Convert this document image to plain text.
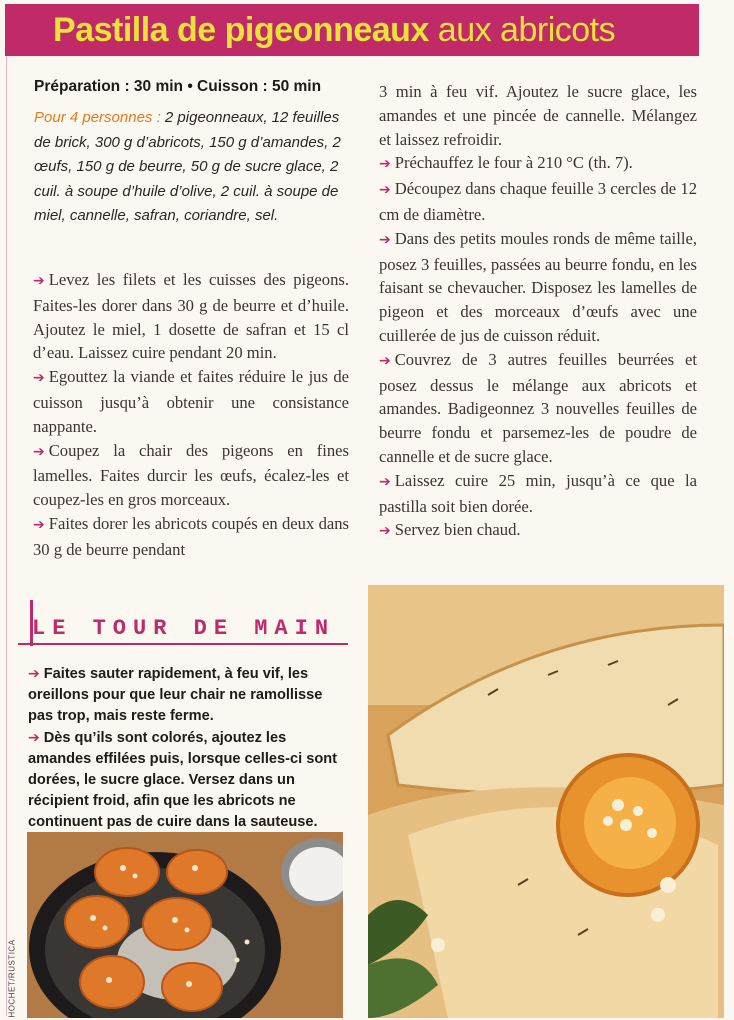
Pastilla de pigeonneaux aux abricots
Préparation : 30 min • Cuisson : 50 min
Pour 4 personnes : 2 pigeonneaux, 12 feuilles de brick, 300 g d’abricots, 150 g d’amandes, 2 œufs, 150 g de beurre, 50 g de sucre glace, 2 cuil. à soupe d’huile d’olive, 2 cuil. à soupe de miel, cannelle, safran, coriandre, sel.

➔ Levez les filets et les cuisses des pigeons. Faites-les dorer dans 30 g de beurre et d’huile. Ajoutez le miel, 1 dosette de safran et 15 cl d’eau. Laissez cuire pendant 20 min.

➔ Egouttez la viande et faites réduire le jus de cuisson jusqu’à obtenir une consistance nappante.

➔ Coupez la chair des pigeons en fines lamelles. Faites durcir les œufs, écalez-les et coupez-les en gros morceaux.

➔ Faites dorer les abricots coupés en deux dans 30 g de beurre pendant

3 min à feu vif. Ajoutez le sucre glace, les amandes et une pincée de cannelle. Mélangez et laissez refroidir.

➔ Préchauffez le four à 210 °C (th. 7).

➔ Découpez dans chaque feuille 3 cercles de 12 cm de diamètre.

➔ Dans des petits moules ronds de même taille, posez 3 feuilles, passées au beurre fondu, en les faisant se chevaucher. Disposez les lamelles de pigeon et des morceaux d’œufs avec une cuillerée de jus de cuisson réduit.

➔ Couvrez de 3 autres feuilles beurrées et posez dessus le mélange aux abricots et amandes. Badigeonnez 3 nouvelles feuilles de beurre fondu et parsemez-les de poudre de cannelle et de sucre glace.

➔ Laissez cuire 25 min, jusqu’à ce que la pastilla soit bien dorée.

➔ Servez bien chaud.

LE TOUR DE MAIN

➔ Faites sauter rapidement, à feu vif, les oreillons pour que leur chair ne ramollisse pas trop, mais reste ferme.

➔ Dès qu’ils sont colorés, ajoutez les amandes effilées puis, lorsque celles-ci sont dorées, le sucre glace. Versez dans un récipient froid, afin que les abricots ne continuent pas de cuire dans la sauteuse.

HOCHET/RUSTICA
